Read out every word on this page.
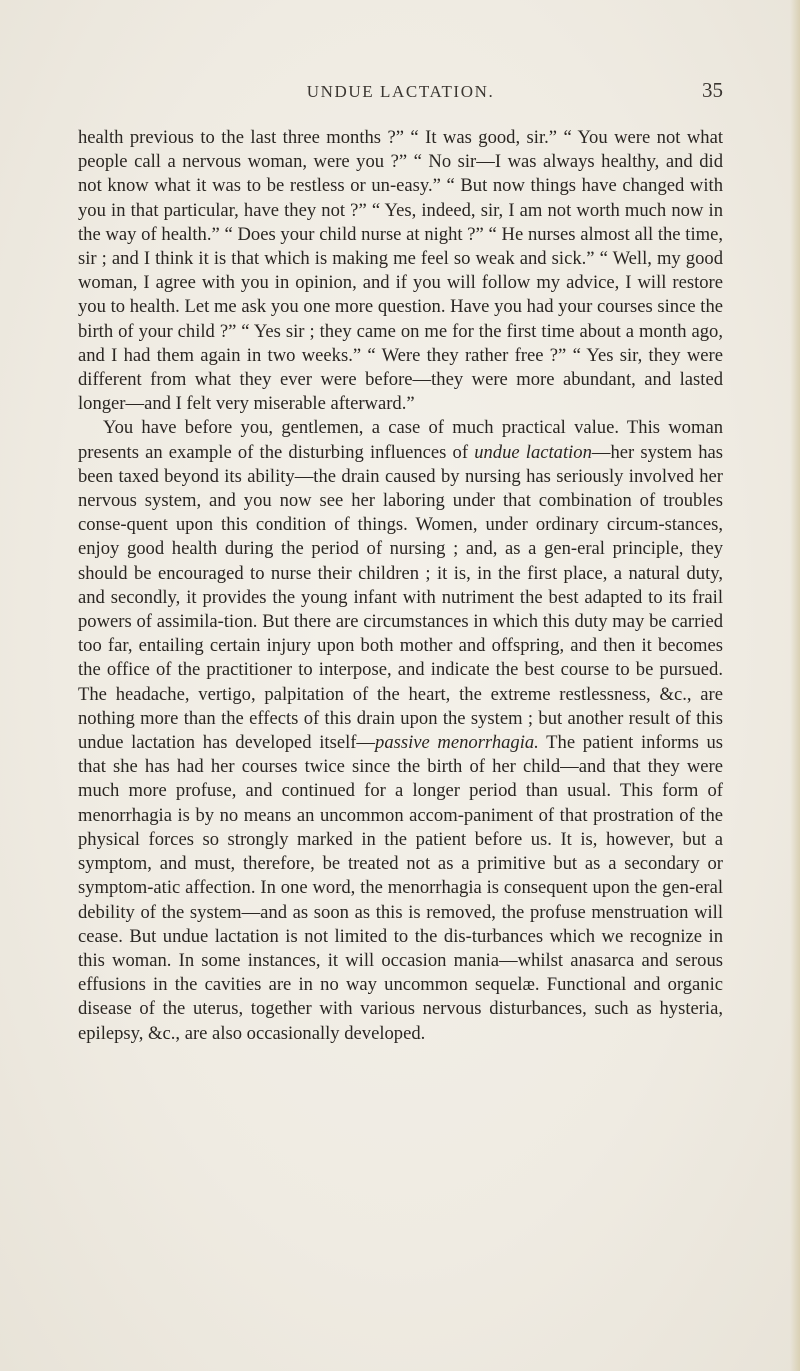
UNDUE LACTATION.	35

health previous to the last three months ?” “ It was good, sir.” “ You were not what people call a nervous woman, were you ?” “ No sir—I was always healthy, and did not know what it was to be restless or un-easy.” “ But now things have changed with you in that particular, have they not ?” “ Yes, indeed, sir, I am not worth much now in the way of health.” “ Does your child nurse at night ?” “ He nurses almost all the time, sir ; and I think it is that which is making me feel so weak and sick.” “ Well, my good woman, I agree with you in opinion, and if you will follow my advice, I will restore you to health. Let me ask you one more question. Have you had your courses since the birth of your child ?” “ Yes sir ; they came on me for the first time about a month ago, and I had them again in two weeks.” “ Were they rather free ?” “ Yes sir, they were different from what they ever were before—they were more abundant, and lasted longer—and I felt very miserable afterward.”

You have before you, gentlemen, a case of much practical value. This woman presents an example of the disturbing influences of undue lactation—her system has been taxed beyond its ability—the drain caused by nursing has seriously involved her nervous system, and you now see her laboring under that combination of troubles conse-quent upon this condition of things. Women, under ordinary circum-stances, enjoy good health during the period of nursing ; and, as a gen-eral principle, they should be encouraged to nurse their children ; it is, in the first place, a natural duty, and secondly, it provides the young infant with nutriment the best adapted to its frail powers of assimila-tion. But there are circumstances in which this duty may be carried too far, entailing certain injury upon both mother and offspring, and then it becomes the office of the practitioner to interpose, and indicate the best course to be pursued. The headache, vertigo, palpitation of the heart, the extreme restlessness, &c., are nothing more than the effects of this drain upon the system ; but another result of this undue lactation has developed itself—passive menorrhagia. The patient informs us that she has had her courses twice since the birth of her child—and that they were much more profuse, and continued for a longer period than usual. This form of menorrhagia is by no means an uncommon accom-paniment of that prostration of the physical forces so strongly marked in the patient before us. It is, however, but a symptom, and must, therefore, be treated not as a primitive but as a secondary or symptom-atic affection. In one word, the menorrhagia is consequent upon the gen-eral debility of the system—and as soon as this is removed, the profuse menstruation will cease. But undue lactation is not limited to the dis-turbances which we recognize in this woman. In some instances, it will occasion mania—whilst anasarca and serous effusions in the cavities are in no way uncommon sequelæ. Functional and organic disease of the uterus, together with various nervous disturbances, such as hysteria, epilepsy, &c., are also occasionally developed.
